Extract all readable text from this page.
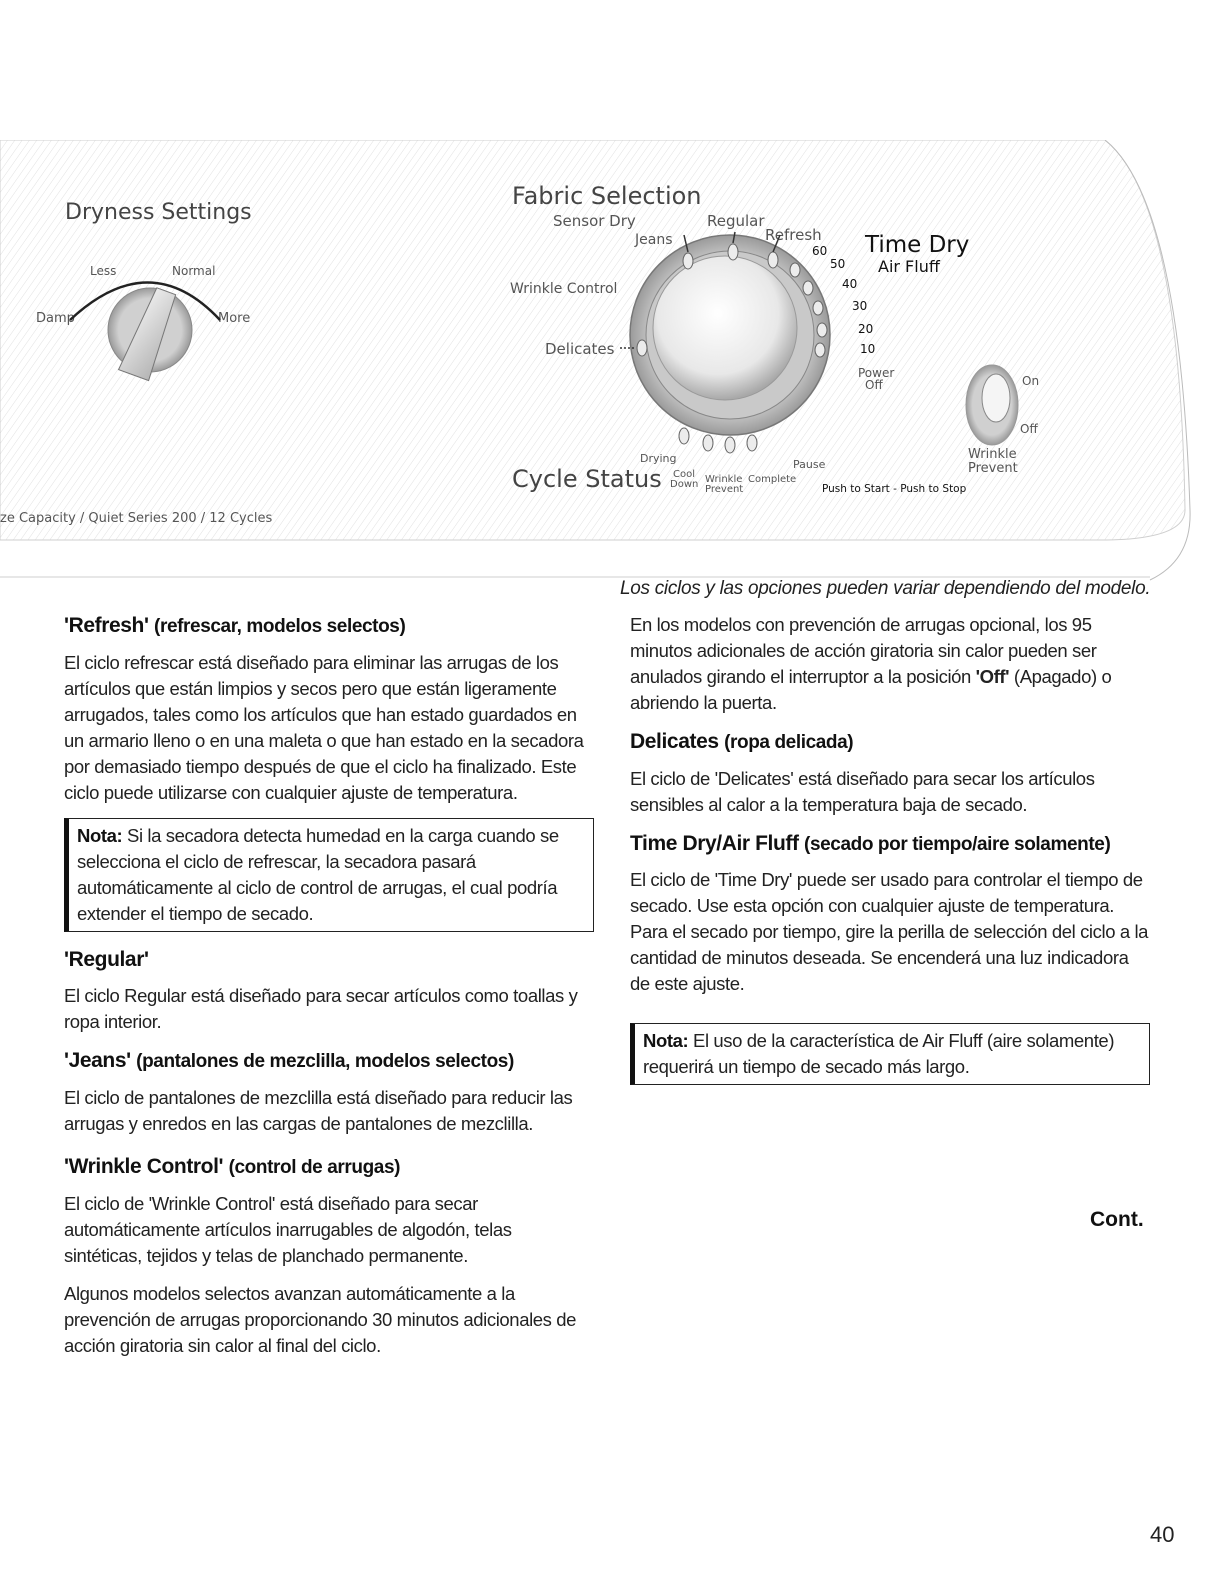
Dryness Settings
Less	Normal
Damp	More
Fabric Selection
Sensor Dry
Jeans
Regular
Refresh Time Dry
Air Fluff
Wrinkle Control
Delicates
60
50
40
30
20
10
Power
Off	On
Off
Wrinkle
Prevent
Cycle Status
Drying
Cool
Down Wrinkle
Prevent
Complete
Pause
Push to Start - Push to Stop
ze Capacity / Quiet Series 200 / 12 Cycles
Los ciclos y las opciones pueden variar dependiendo del modelo.
'Refresh' (refrescar, modelos selectos)

El ciclo refrescar está diseñado para eliminar las arrugas de los artículos que están limpios y secos pero que están ligeramente arrugados, tales como los artículos que han estado guardados en un armario lleno o en una maleta o que han estado en la secadora por demasiado tiempo después de que el ciclo ha finalizado. Este ciclo puede utilizarse con cualquier ajuste de temperatura.

Nota: Si la secadora detecta humedad en la carga cuando se selecciona el ciclo de refrescar, la secadora pasará automáticamente al ciclo de control de arrugas, el cual podría extender el tiempo de secado.
'Regular'

El ciclo Regular está diseñado para secar artículos como toallas y ropa interior.

'Jeans' (pantalones de mezclilla, modelos selectos)

El ciclo de pantalones de mezclilla está diseñado para reducir las arrugas y enredos en las cargas de pantalones de mezclilla.

'Wrinkle Control' (control de arrugas)

El ciclo de 'Wrinkle Control' está diseñado para secar automáticamente artículos inarrugables de algodón, telas sintéticas, tejidos y telas de planchado permanente.

Algunos modelos selectos avanzan automáticamente a la prevención de arrugas proporcionando 30 minutos adicionales de acción giratoria sin calor al final del ciclo.

En los modelos con prevención de arrugas opcional, los 95 minutos adicionales de acción giratoria sin calor pueden ser anulados girando el interruptor a la posición 'Off' (Apagado) o abriendo la puerta.

Delicates (ropa delicada)

El ciclo de 'Delicates' está diseñado para secar los artículos sensibles al calor a la temperatura baja de secado.

Time Dry/Air Fluff (secado por tiempo/aire solamente)

El ciclo de 'Time Dry' puede ser usado para controlar el tiempo de secado. Use esta opción con cualquier ajuste de temperatura. Para el secado por tiempo, gire la perilla de selección del ciclo a la cantidad de minutos deseada. Se encenderá una luz indicadora de este ajuste.

Nota: El uso de la característica de Air Fluff (aire solamente) requerirá un tiempo de secado más largo.
Cont.
40
